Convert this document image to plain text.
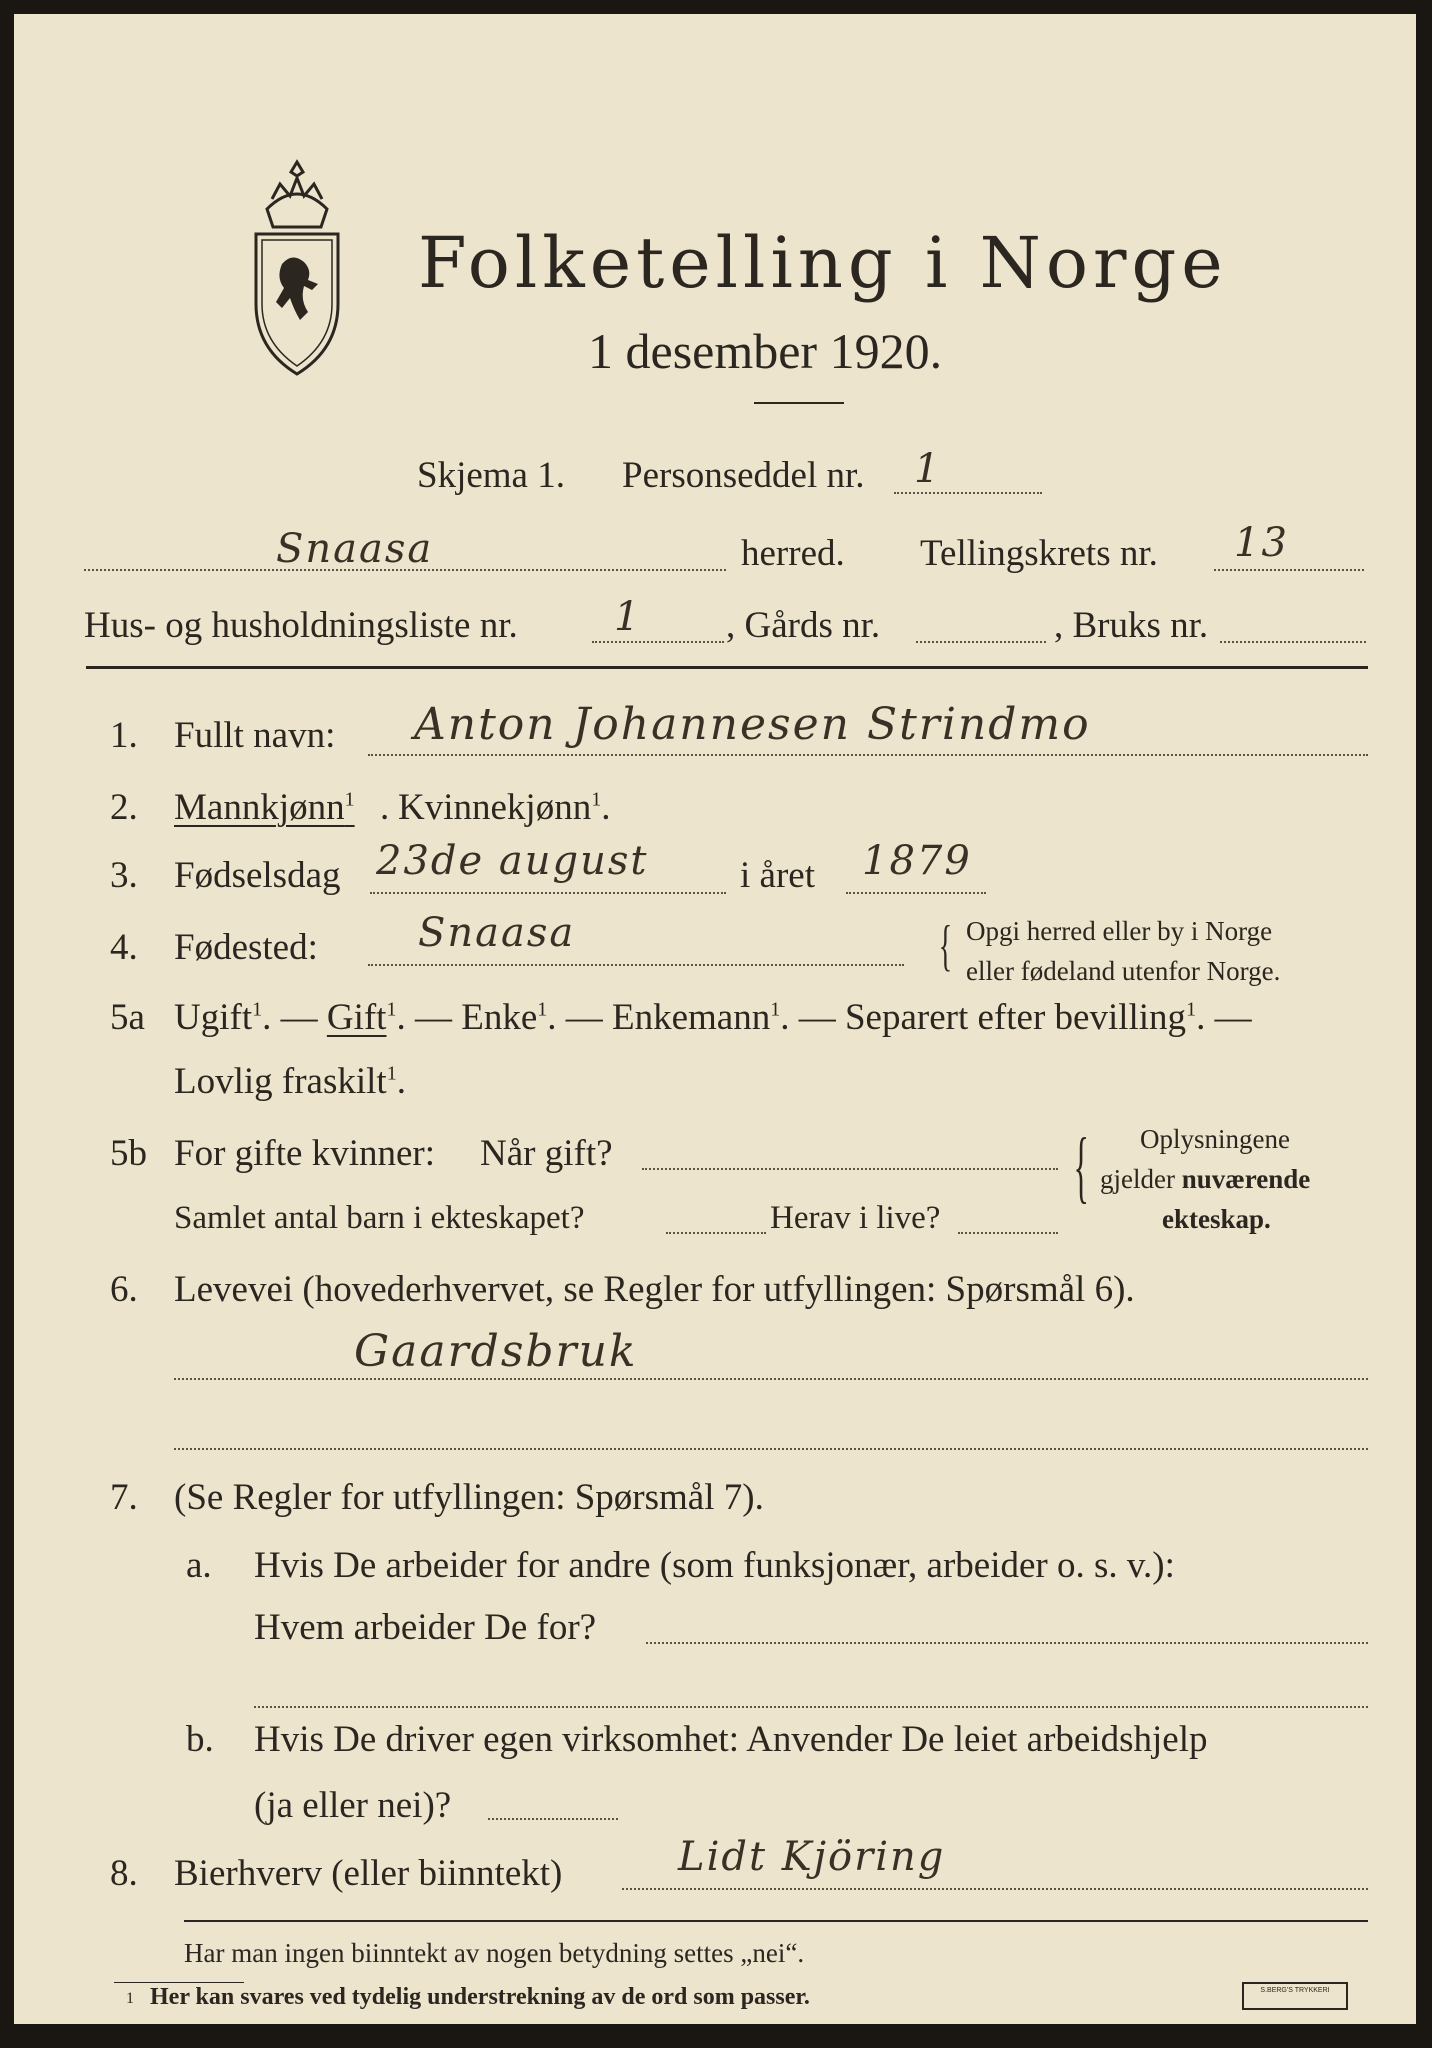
Folketelling i Norge
1 desember 1920.
Skjema 1. Personseddel nr. 1
Snaasa	herred. Tellingskrets nr. 13
Hus- og husholdningsliste nr. 1 , Gårds nr.	, Bruks nr.
1. Fullt navn: Anton Johannesen Strindmo
2. Mannkjønn$^1$ . Kvinnekjønn$^1$.
3. Fødselsdag 23de august i året 1879
4. Fødested:	Snaasa	{ Opgi herred eller by i Norge
eller fødeland utenfor Norge.
5a Ugift$^1$. — Gift$^1$. — Enke$^1$. — Enkemann$^1$. — Separert efter bevilling$^1$. —
Lovlig fraskilt$^1$.
5b For gifte kvinner: Når gift?
Samlet antal barn i ekteskapet?	Herav i live?
{ Oplysningene
gjelder nuværende
ekteskap.
6. Levevei (hovederhvervet, se Regler for utfyllingen: Spørsmål 6).
Gaardsbruk
7. (Se Regler for utfyllingen: Spørsmål 7).
a. Hvis De arbeider for andre (som funksjonær, arbeider o. s. v.):
Hvem arbeider De for?
b. Hvis De driver egen virksomhet: Anvender De leiet arbeidshjelp
(ja eller nei)?
8. Bierhverv (eller biinntekt)	Lidt Kjöring
Har man ingen biinntekt av nogen betydning settes „nei“.
1 Her kan svares ved tydelig understrekning av de ord som passer.	S.BERG'S TRYKKERI
